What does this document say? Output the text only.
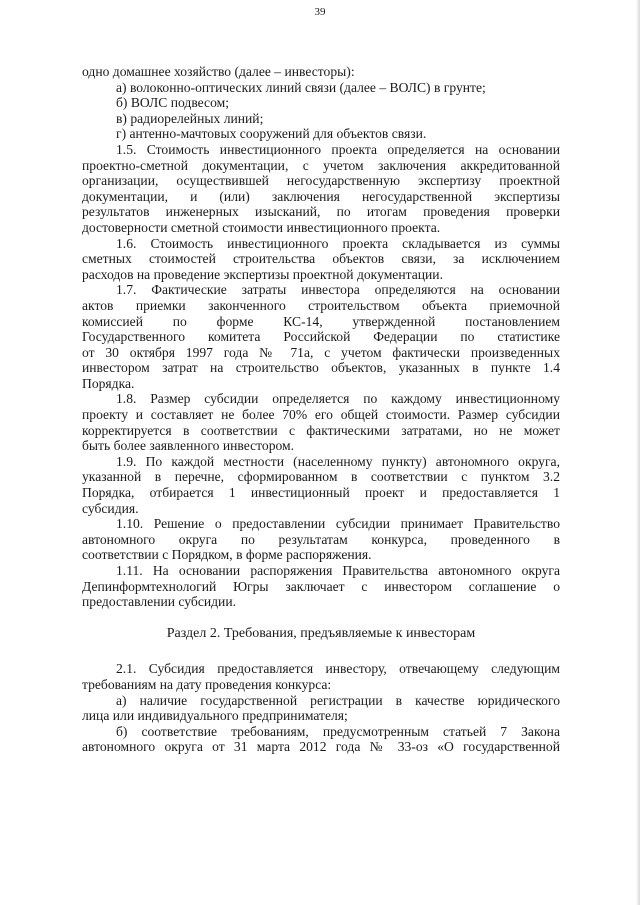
39
одно домашнее хозяйство (далее – инвесторы):
а) волоконно-оптических линий связи (далее – ВОЛС) в грунте;
б) ВОЛС подвесом;
в) радиорелейных линий;
г) антенно-мачтовых сооружений для объектов связи.
1.5. Стоимость инвестиционного проекта определяется на основании
проектно-сметной документации, с учетом заключения аккредитованной
организации, осуществившей негосударственную экспертизу проектной
документации, и (или) заключения негосударственной экспертизы
результатов инженерных изысканий, по итогам проведения проверки
достоверности сметной стоимости инвестиционного проекта.
1.6. Стоимость инвестиционного проекта складывается из суммы
сметных стоимостей строительства объектов связи, за исключением
расходов на проведение экспертизы проектной документации.
1.7. Фактические затраты инвестора определяются на основании
актов приемки законченного строительством объекта приемочной
комиссией по форме КС-14, утвержденной постановлением
Государственного комитета Российской Федерации по статистике
от 30 октября 1997 года № 71а, с учетом фактически произведенных
инвестором затрат на строительство объектов, указанных в пункте 1.4
Порядка.
1.8. Размер субсидии определяется по каждому инвестиционному
проекту и составляет не более 70% его общей стоимости. Размер субсидии
корректируется в соответствии с фактическими затратами, но не может
быть более заявленного инвестором.
1.9. По каждой местности (населенному пункту) автономного округа,
указанной в перечне, сформированном в соответствии с пунктом 3.2
Порядка, отбирается 1 инвестиционный проект и предоставляется 1
субсидия.
1.10. Решение о предоставлении субсидии принимает Правительство
автономного округа по результатам конкурса, проведенного в
соответствии с Порядком, в форме распоряжения.
1.11. На основании распоряжения Правительства автономного округа
Депинформтехнологий Югры заключает с инвестором соглашение о
предоставлении субсидии.
Раздел 2. Требования, предъявляемые к инвесторам
2.1. Субсидия предоставляется инвестору, отвечающему следующим
требованиям на дату проведения конкурса:
а) наличие государственной регистрации в качестве юридического
лица или индивидуального предпринимателя;
б) соответствие требованиям, предусмотренным статьей 7 Закона
автономного округа от 31 марта 2012 года № 33-оз «О государственной
